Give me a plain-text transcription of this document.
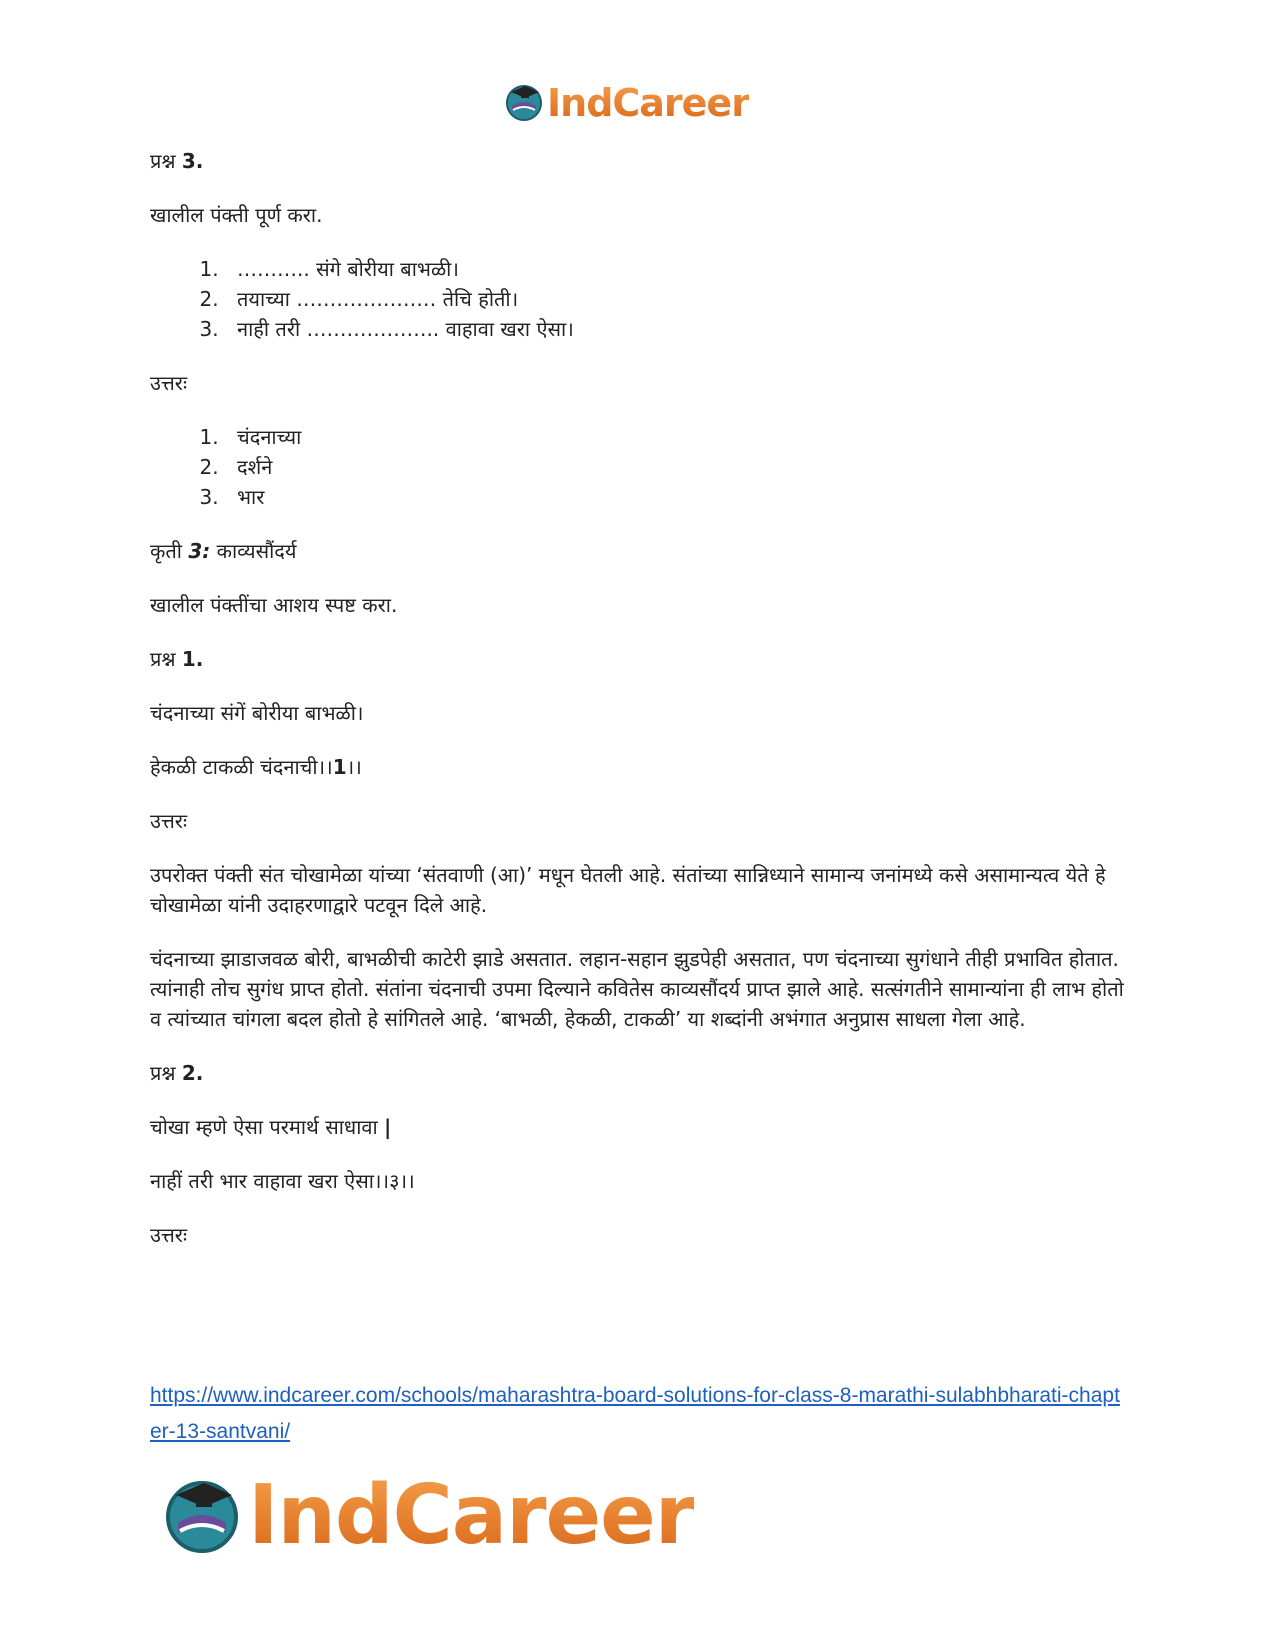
IndCareer

प्रश्न 3.

खालील पंक्ती पूर्ण करा.

1. ……….. संगे बोरीया बाभळी।
2. तयाच्या ………………… तेचि होती।
3. नाही तरी ……………….. वाहावा खरा ऐसा।

उत्तरः

1. चंदनाच्या
2. दर्शने
3. भार

कृती 3: काव्यसौंदर्य

खालील पंक्तींचा आशय स्पष्ट करा.

प्रश्न 1.

चंदनाच्या संगें बोरीया बाभळी।

हेकळी टाकळी चंदनाची।।1।।

उत्तरः

उपरोक्त पंक्ती संत चोखामेळा यांच्या ‘संतवाणी (आ)’ मधून घेतली आहे. संतांच्या सान्निध्याने सामान्य जनांमध्ये कसे असामान्यत्व येते हे चोखामेळा यांनी उदाहरणाद्वारे पटवून दिले आहे.

चंदनाच्या झाडाजवळ बोरी, बाभळीची काटेरी झाडे असतात. लहान-सहान झुडपेही असतात, पण चंदनाच्या सुगंधाने तीही प्रभावित होतात. त्यांनाही तोच सुगंध प्राप्त होतो. संतांना चंदनाची उपमा दिल्याने कवितेस काव्यसौंदर्य प्राप्त झाले आहे. सत्संगतीने सामान्यांना ही लाभ होतो व त्यांच्यात चांगला बदल होतो हे सांगितले आहे. ‘बाभळी, हेकळी, टाकळी’ या शब्दांनी अभंगात अनुप्रास साधला गेला आहे.

प्रश्न 2.

चोखा म्हणे ऐसा परमार्थ साधावा |

नाहीं तरी भार वाहावा खरा ऐसा।।३।।

उत्तरः

https://www.indcareer.com/schools/maharashtra-board-solutions-for-class-8-marathi-sulabhbharati-chapter-13-santvani/
IndCareer
